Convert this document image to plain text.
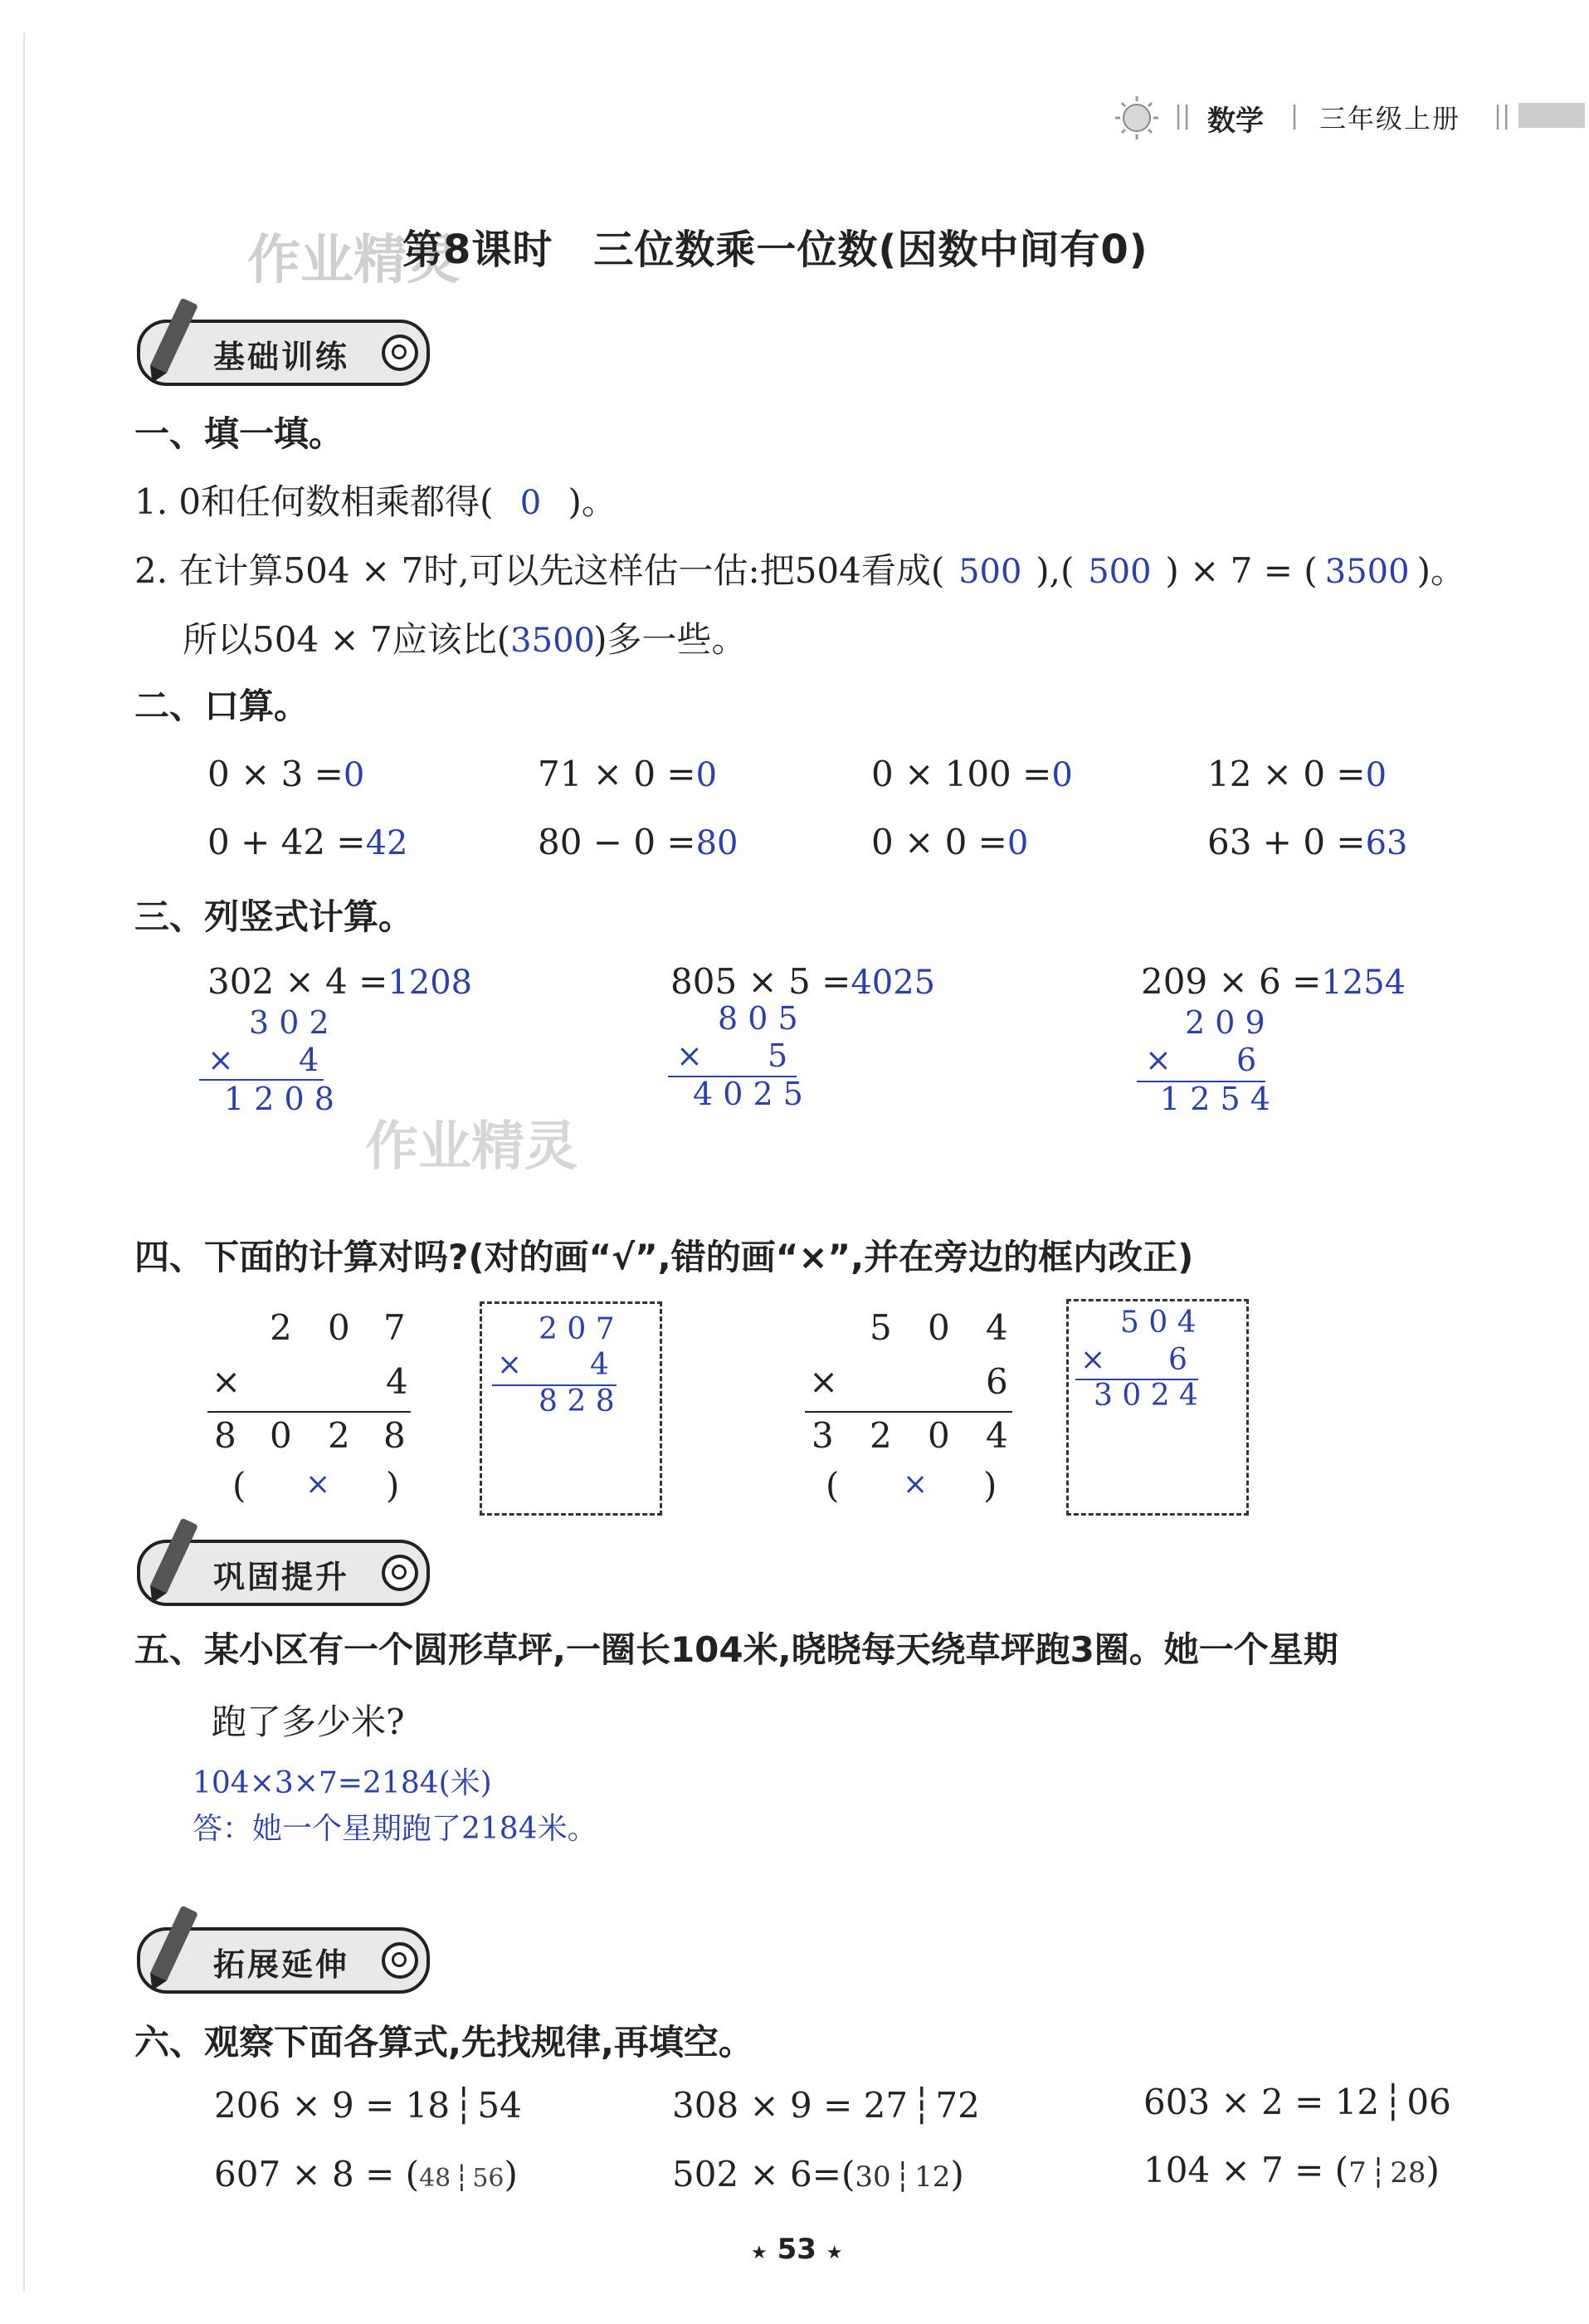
|| 数学 | 三年级上册 ||
作业精灵
第8课时　三位数乘一位数(因数中间有0)
基础训练
一、填一填。
1. 0和任何数相乘都得( 0 )。
2. 在计算504 × 7时,可以先这样估一估:把504看成( 500 ),( 500 ) × 7 = ( 3500 )。
所以504 × 7应该比(3500)多一些。
二、口算。
0 × 3 =0	71 × 0 =0	0 × 100 =0	12 × 0 =0
0 + 42 =42	80 − 0 =80	0 × 0 =0	63 + 0 =63
三、列竖式计算。
302 × 4 =1208
3 0 2
× 4
1 2 0 8
805 × 5 =4025
8 0 5
× 5
4 0 2 5
209 × 6 =1254
2 0 9
× 6
1 2 5 4
作业精灵
四、下面的计算对吗?(对的画“√”,错的画“×”,并在旁边的框内改正)
2 0 7
×	4
8 0 2 8
( × )
2 0 7
× 4
8 2 8
5 0 4
×	6
3 2 0 4
( × )
5 0 4
× 6
3 0 2 4
巩固提升
五、某小区有一个圆形草坪,一圈长104米,晓晓每天绕草坪跑3圈。她一个星期
跑了多少米?
104×3×7=2184(米)
答：她一个星期跑了2184米。
拓展延伸
六、观察下面各算式,先找规律,再填空。
206 × 9 = 18┆54	308 × 9 = 27┆72	603 × 2 = 12┆06
607 × 8 = (48 ┆ 56)	502 × 6=(30 ┆ 12)	104 × 7 = (7 ┆ 28)
★ 53 ★
